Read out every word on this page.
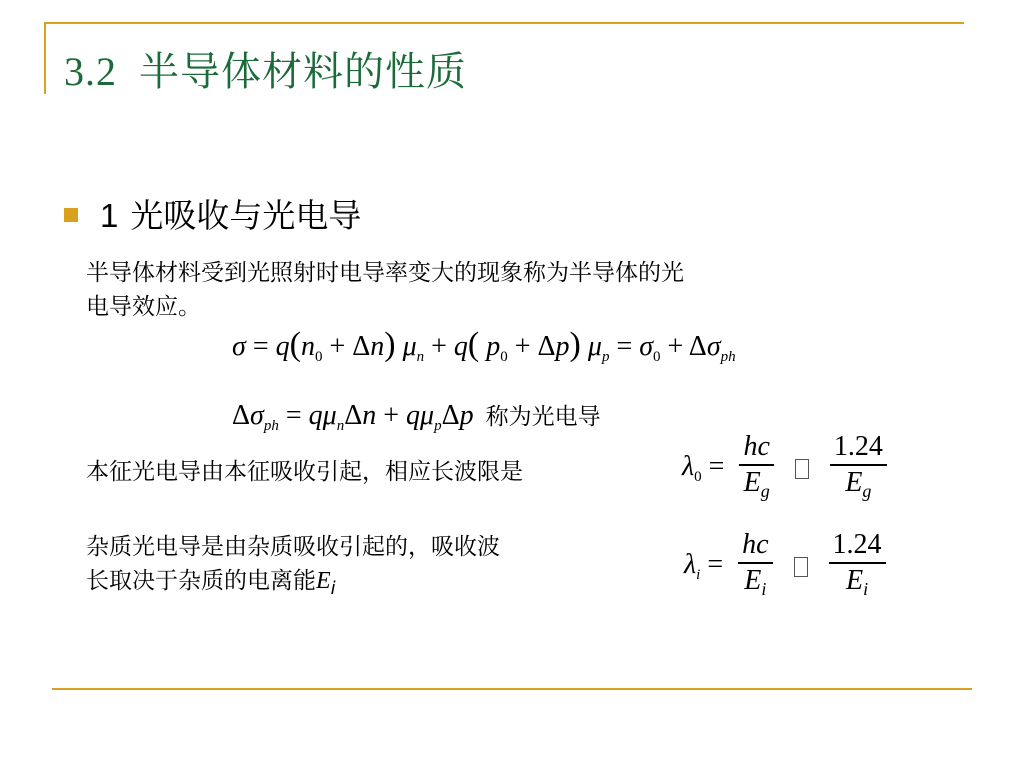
3.2 半导体材料的性质
1 光吸收与光电导
半导体材料受到光照射时电导率变大的现象称为半导体的光
电导效应。
$\sigma = q(n_0 + \Delta n) \mu_n + q$( $p_0 + \Delta p$) $\mu_p = \sigma_0 + \Delta\sigma_{ph}$
$\Delta\sigma_{ph} = q\mu_n\Delta n + q\mu_p\Delta p$ 称为光电导
本征光电导由本征吸收引起，相应长波限是	$\lambda_0 = \frac{hc}{E_g}$
$\frac{1.24}{E_g}$
杂质光电导是由杂质吸收引起的，吸收波
长取决于杂质的电离能$E_i$
$\lambda_i = \frac{hc}{E_i}$
$\frac{1.24}{E_i}$
